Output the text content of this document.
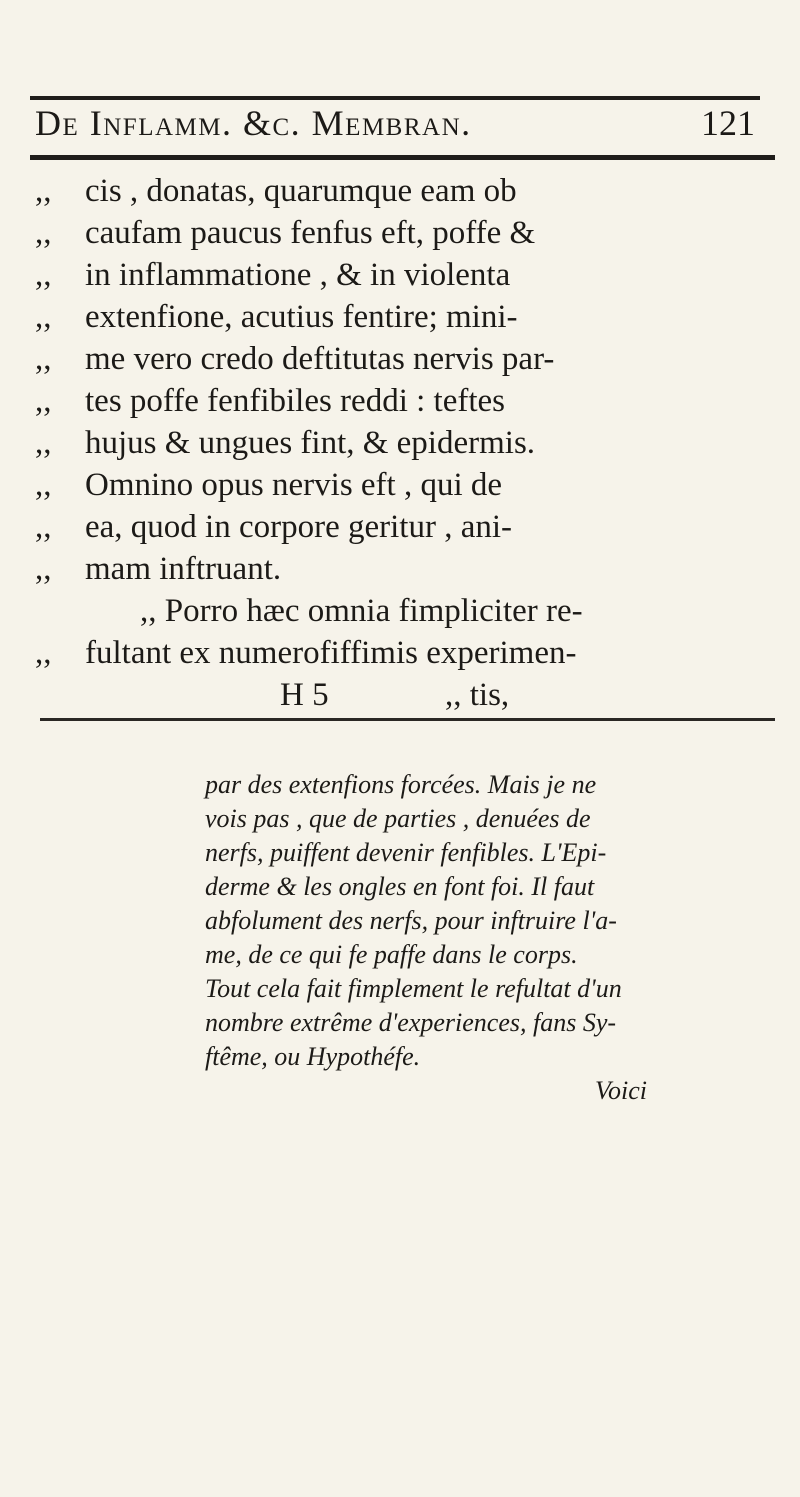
De Inflamm. &c. Membran.	121
,,	cis , donatas, quarumque eam ob
,,	caufam paucus fenfus eft, poffe &
,,	in inflammatione , & in violenta
,,	extenfione, acutius fentire; mini-
,,	me vero credo deftitutas nervis par-
,,	tes poffe fenfibiles reddi : teftes
,,	hujus & ungues fint, & epidermis.
,,	Omnino opus nervis eft , qui de
,,	ea, quod in corpore geritur , ani-
,,	mam inftruant.
,, Porro hæc omnia fimpliciter re-
,,	fultant ex numerofiffimis experimen-
H 5	,, tis,
par des extenfions forcées. Mais je ne
vois pas , que de parties , denuées de
nerfs, puiffent devenir fenfibles. L'Epi-
derme & les ongles en font foi. Il faut
abfolument des nerfs, pour inftruire l'a-
me, de ce qui fe paffe dans le corps.
Tout cela fait fimplement le refultat d'un
nombre extrême d'experiences, fans Sy-
ftême, ou Hypothéfe.
Voici
